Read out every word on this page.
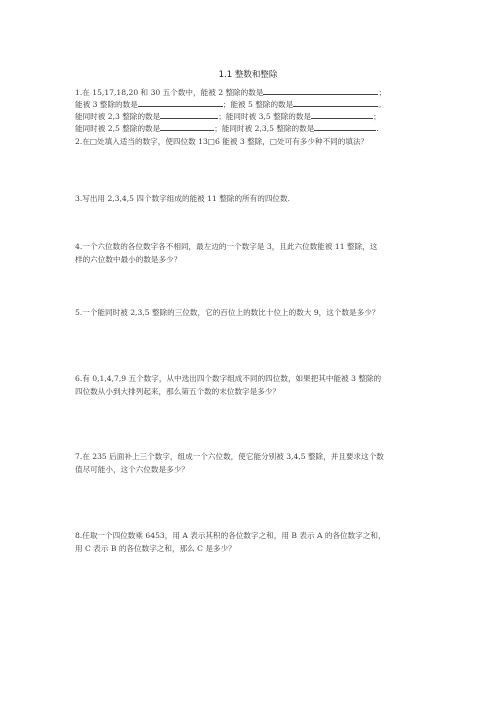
1.1 整数和整除
1.在 15,17,18,20 和 30 五个数中，能被 2 整除的数是	；
能被 3 整除的数是	；能被 5 整除的数是	。
能同时被 2,3 整除的数是	；能同时被 3,5 整除的数是	；
能同时被 2,5 整除的数是	；能同时被 2,3,5 整除的数是	.
2.在□处填入适当的数字，使四位数 13□6 能被 3 整除，□处可有多少种不同的填法？
3.写出用 2,3,4,5 四个数字组成的能被 11 整除的所有的四位数.
4.一个六位数的各位数字各不相同，最左边的一个数字是 3，且此六位数能被 11 整除，这
样的六位数中最小的数是多少？
5.一个能同时被 2,3,5 整除的三位数，它的百位上的数比十位上的数大 9，这个数是多少？
6.有 0,1,4,7,9 五个数字，从中选出四个数字组成不同的四位数，如果把其中能被 3 整除的
四位数从小到大排列起来，那么第五个数的末位数字是多少？
7.在 235 后面补上三个数字，组成一个六位数，使它能分别被 3,4,5 整除，并且要求这个数
值尽可能小，这个六位数是多少？
8.任取一个四位数乘 6453，用 A 表示其积的各位数字之和，用 B 表示 A 的各位数字之和，
用 C 表示 B 的各位数字之和，那么 C 是多少？
